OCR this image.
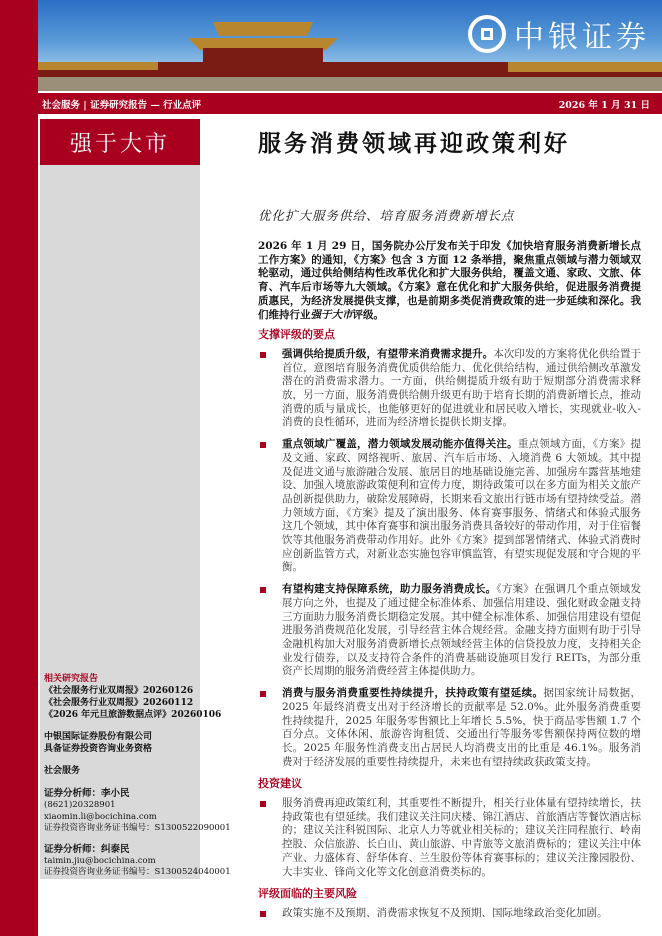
中银证券
社会服务 | 证券研究报告 — 行业点评	2026 年 1 月 31 日
强于大市
相关研究报告
《社会服务行业双周报》20260126
《社会服务行业双周报》20260112
《2026 年元旦旅游数据点评》20260106
中银国际证券股份有限公司
具备证券投资咨询业务资格
社会服务
证券分析师：李小民
(8621)20328901
xiaomin.li@bocichina.com
证券投资咨询业务证书编号：S1300522090001
证券分析师：纠泰民
taimin.jiu@bocichina.com
证券投资咨询业务证书编号：S1300524040001
服务消费领域再迎政策利好
优化扩大服务供给、培育服务消费新增长点

2026 年 1 月 29 日，国务院办公厅发布关于印发《加快培育服务消费新增长点工作方案》的通知，《方案》包含 3 方面 12 条举措，聚焦重点领域与潜力领域双轮驱动，通过供给侧结构性改革优化和扩大服务供给，覆盖文通、家政、文旅、体育、汽车后市场等九大领域。《方案》意在优化和扩大服务供给，促进服务消费提质惠民，为经济发展提供支撑，也是前期多类促消费政策的进一步延续和深化。我们维持行业强于大市评级。

支撑评级的要点
强调供给提质升级，有望带来消费需求提升。本次印发的方案将优化供给置于首位，意图培育服务消费优质供给能力、优化供给结构，通过供给侧改革激发潜在的消费需求潜力。一方面，供给侧提质升级有助于短期部分消费需求释放，另一方面，服务消费供给侧升级更有助于培育长期的消费新增长点，推动消费的质与量成长，也能够更好的促进就业和居民收入增长，实现就业-收入-消费的良性循环，进而为经济增长提供长期支撑。
重点领域广覆盖，潜力领域发展动能亦值得关注。重点领域方面，《方案》提及文通、家政、网络视听、旅居、汽车后市场、入境消费 6 大领域。其中提及促进文通与旅游融合发展、旅居目的地基础设施完善、加强房车露营基地建设、加强入境旅游政策便利和宣传力度，期待政策可以在多方面为相关文旅产品创新提供助力，破除发展障碍，长期来看文旅出行链市场有望持续受益。潜力领域方面，《方案》提及了演出服务、体育赛事服务、情绪式和体验式服务这几个领域，其中体育赛事和演出服务消费具备较好的带动作用，对于住宿餐饮等其他服务消费带动作用好。此外《方案》提到部署情绪式、体验式消费时应创新监管方式，对新业态实施包容审慎监管，有望实现促发展和守合规的平衡。
有望构建支持保障系统，助力服务消费成长。《方案》在强调几个重点领域发展方向之外，也提及了通过健全标准体系、加强信用建设、强化财政金融支持三方面助力服务消费长期稳定发展。其中健全标准体系、加强信用建设有望促进服务消费规范化发展，引导经营主体合规经营。金融支持方面则有助于引导金融机构加大对服务消费新增长点领域经营主体的信贷投放力度，支持相关企业发行债券，以及支持符合条件的消费基础设施项目发行 REITs，为部分重资产长周期的服务消费经营主体提供助力。
消费与服务消费重要性持续提升，扶持政策有望延续。据国家统计局数据，2025 年最终消费支出对于经济增长的贡献率是 52.0%。此外服务消费重要性持续提升，2025 年服务零售额比上年增长 5.5%，快于商品零售额 1.7 个百分点。文体休闲、旅游咨询租赁、交通出行等服务零售额保持两位数的增长。2025 年服务性消费支出占居民人均消费支出的比重是 46.1%。服务消费对于经济发展的重要性持续提升，未来也有望持续政获政策支持。
投资建议
服务消费再迎政策红利，其重要性不断提升，相关行业体量有望持续增长，扶持政策也有望延续。我们建议关注同庆楼、锦江酒店、首旅酒店等餐饮酒店标的；建议关注科锐国际、北京人力等就业相关标的；建议关注同程旅行、岭南控股、众信旅游、长白山、黄山旅游、中青旅等文旅消费标的；建议关注中体产业、力盛体育、舒华体育、兰生股份等体育赛事标的；建议关注豫园股份、大丰实业、锋尚文化等文化创意消费类标的。
评级面临的主要风险
政策实施不及预期、消费需求恢复不及预期、国际地缘政治变化加剧。
